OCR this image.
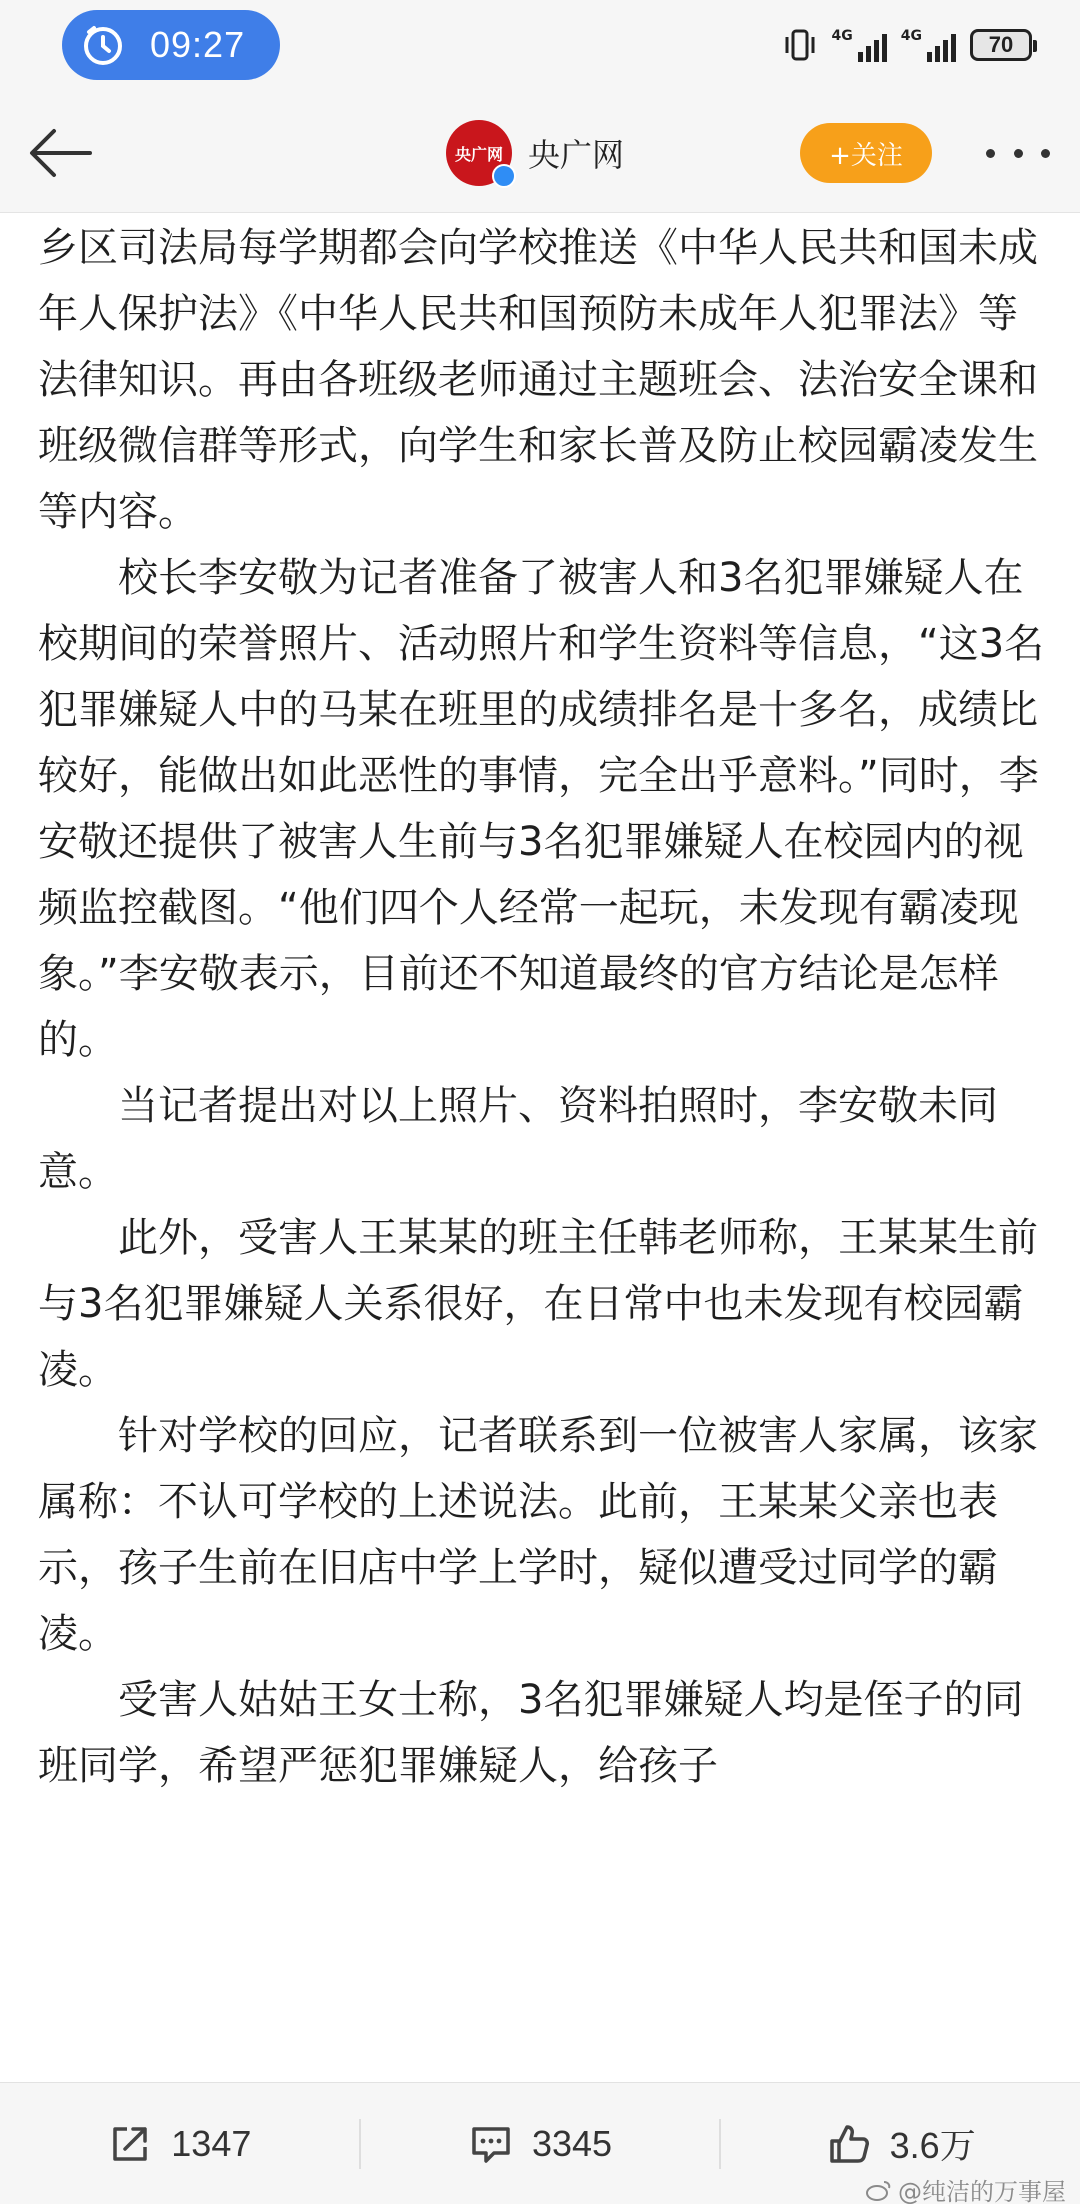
09:27	4G	4G	70
央广网 央广网	+关注

乡区司法局每学期都会向学校推送《中华人民共和国未成年人保护法》《中华人民共和国预防未成年人犯罪法》等法律知识。再由各班级老师通过主题班会、法治安全课和班级微信群等形式，向学生和家长普及防止校园霸凌发生等内容。

校长李安敬为记者准备了被害人和3名犯罪嫌疑人在校期间的荣誉照片、活动照片和学生资料等信息，“这3名犯罪嫌疑人中的马某在班里的成绩排名是十多名，成绩比较好，能做出如此恶性的事情，完全出乎意料。”同时，李安敬还提供了被害人生前与3名犯罪嫌疑人在校园内的视频监控截图。“他们四个人经常一起玩，未发现有霸凌现象。”李安敬表示，目前还不知道最终的官方结论是怎样的。

当记者提出对以上照片、资料拍照时，李安敬未同意。

此外，受害人王某某的班主任韩老师称，王某某生前与3名犯罪嫌疑人关系很好，在日常中也未发现有校园霸凌。

针对学校的回应，记者联系到一位被害人家属，该家属称：不认可学校的上述说法。此前，王某某父亲也表示，孩子生前在旧店中学上学时，疑似遭受过同学的霸凌。

受害人姑姑王女士称，3名犯罪嫌疑人均是侄子的同班同学，希望严惩犯罪嫌疑人，给孩子

1347	3345	3.6万
@纯洁的万事屋
